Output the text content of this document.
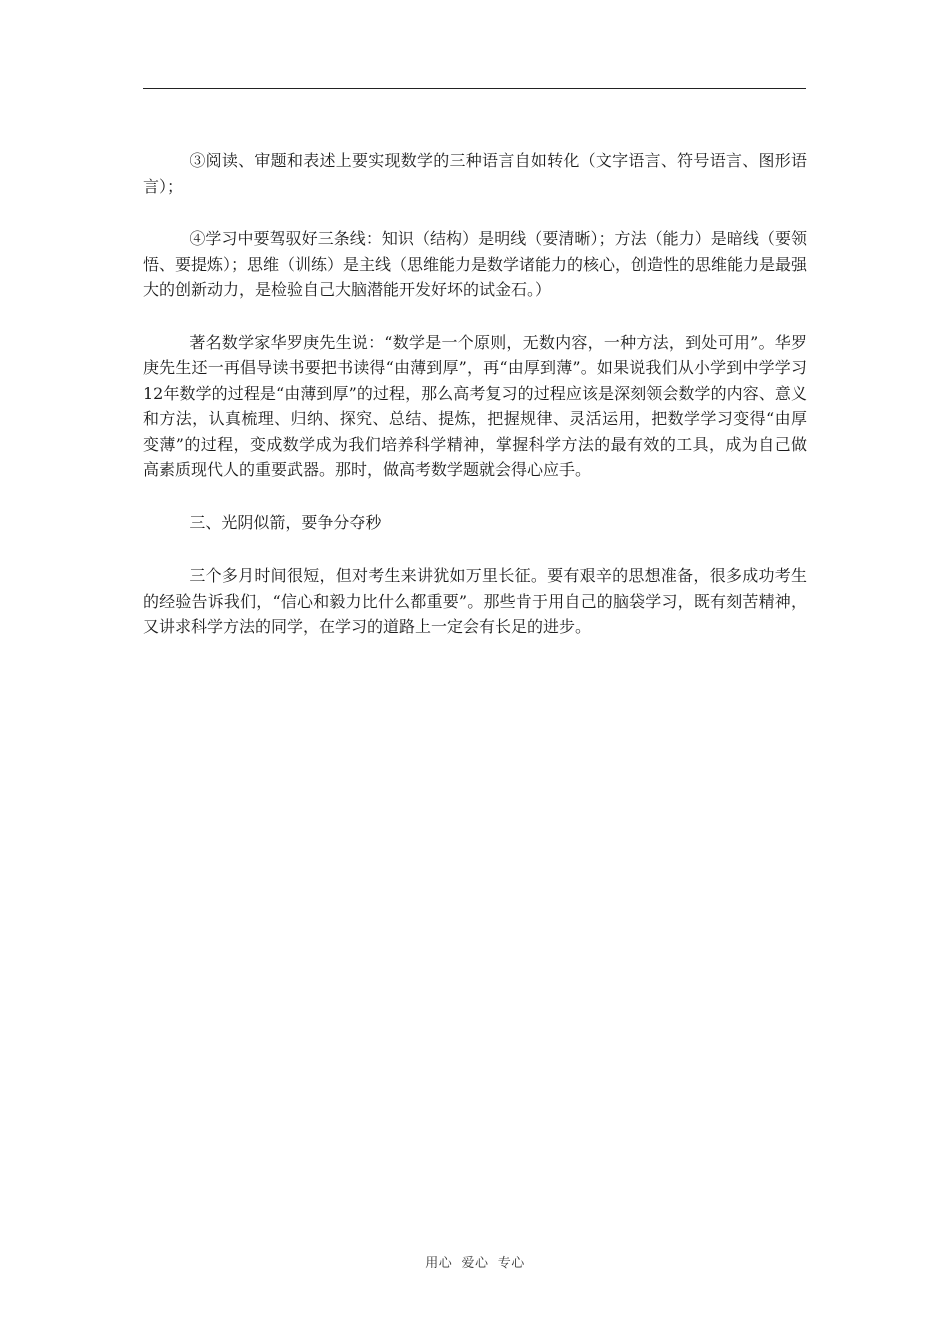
③阅读、审题和表述上要实现数学的三种语言自如转化（文字语言、符号语言、图形语言）；

④学习中要驾驭好三条线：知识（结构）是明线（要清晰）；方法（能力）是暗线（要领悟、要提炼）；思维（训练）是主线（思维能力是数学诸能力的核心，创造性的思维能力是最强大的创新动力，是检验自己大脑潜能开发好坏的试金石。）

著名数学家华罗庚先生说：“数学是一个原则，无数内容，一种方法，到处可用”。华罗庚先生还一再倡导读书要把书读得“由薄到厚”，再“由厚到薄”。如果说我们从小学到中学学习12年数学的过程是“由薄到厚”的过程，那么高考复习的过程应该是深刻领会数学的内容、意义和方法，认真梳理、归纳、探究、总结、提炼，把握规律、灵活运用，把数学学习变得“由厚变薄”的过程，变成数学成为我们培养科学精神，掌握科学方法的最有效的工具，成为自己做高素质现代人的重要武器。那时，做高考数学题就会得心应手。

三、光阴似箭，要争分夺秒

三个多月时间很短，但对考生来讲犹如万里长征。要有艰辛的思想准备，很多成功考生的经验告诉我们，“信心和毅力比什么都重要”。那些肯于用自己的脑袋学习，既有刻苦精神，又讲求科学方法的同学，在学习的道路上一定会有长足的进步。

用心  爱心  专心
